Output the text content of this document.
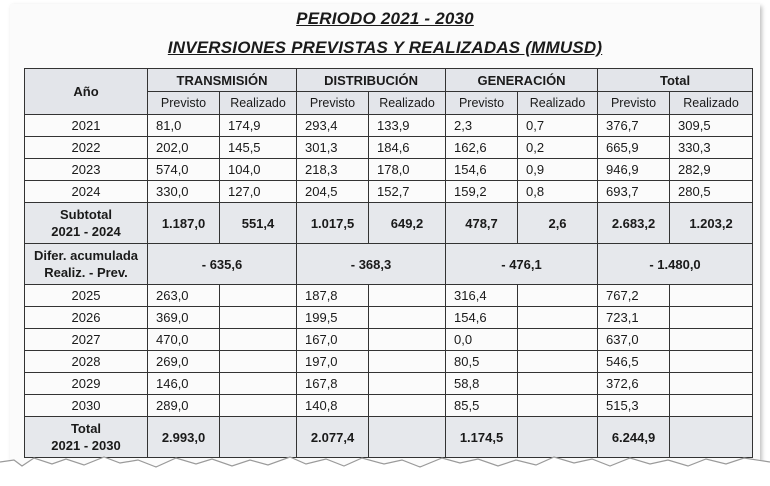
PERIODO 2021 - 2030
INVERSIONES PREVISTAS Y REALIZADAS (MMUSD)
Año	TRANSMISIÓN		DISTRIBUCIÓN		GENERACIÓN		Total	
	Previsto	Realizado	Previsto	Realizado	Previsto	Realizado	Previsto	Realizado
2021	81,0	174,9	293,4	133,9	2,3	0,7	376,7	309,5
2022	202,0	145,5	301,3	184,6	162,6	0,2	665,9	330,3
2023	574,0	104,0	218,3	178,0	154,6	0,9	946,9	282,9
2024	330,0	127,0	204,5	152,7	159,2	0,8	693,7	280,5

Subtotal
2021 - 2024	1.187,0	551,4	1.017,5	649,2	478,7	2,6	2.683,2	1.203,2

Difer. acumulada
Realiz. - Prev.	- 635,6		- 368,3		- 476,1		- 1.480,0	
2025	263,0		187,8		316,4		767,2	
2026	369,0		199,5		154,6		723,1	
2027	470,0		167,0		0,0		637,0	
2028	269,0		197,0		80,5		546,5	
2029	146,0		167,8		58,8		372,6	
2030	289,0		140,8		85,5		515,3	

Total
2021 - 2030	2.993,0		2.077,4		1.174,5		6.244,9	
